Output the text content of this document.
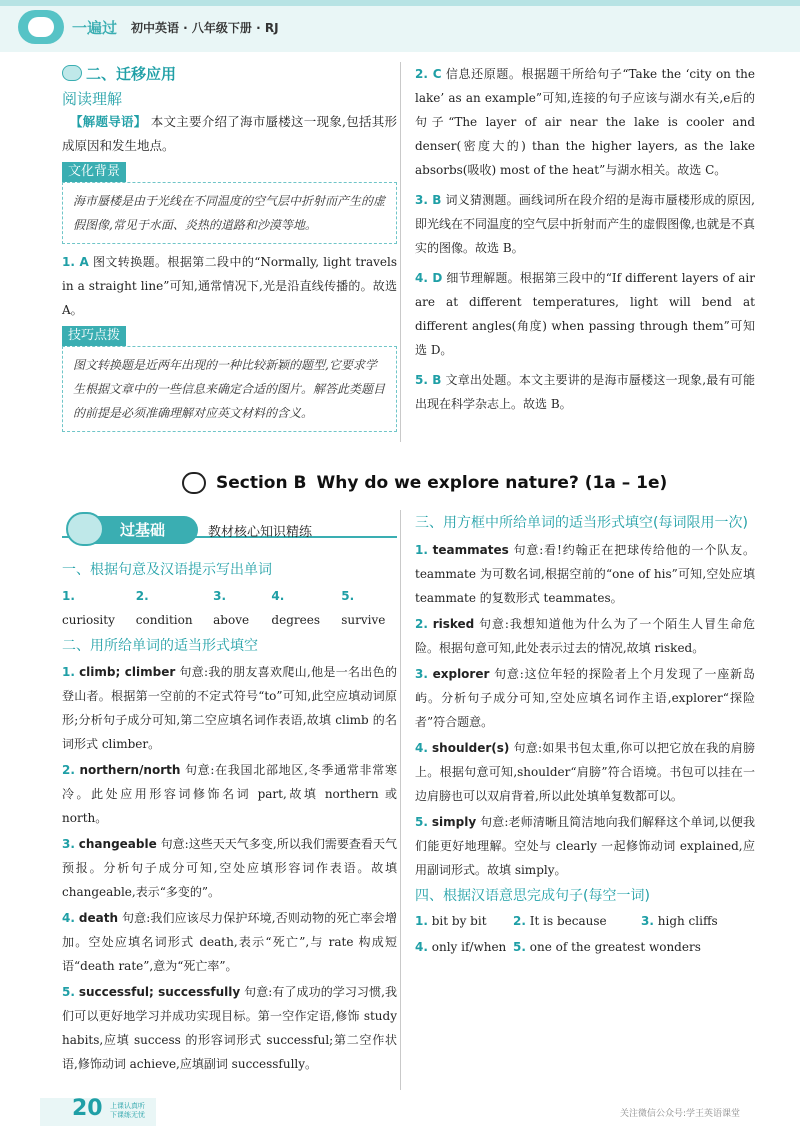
一遍过 初中英语 · 八年级下册 · RJ
二、迁移应用
阅读理解
【解题导语】 本文主要介绍了海市蜃楼这一现象,包括其形成原因和发生地点。
文化背景
海市蜃楼是由于光线在不同温度的空气层中折射而产生的虚假图像,常见于水面、炎热的道路和沙漠等地。
1. A 图文转换题。根据第二段中的“Normally, light travels in a straight line”可知,通常情况下,光是沿直线传播的。故选 A。
技巧点拨
图文转换题是近两年出现的一种比较新颖的题型,它要求学生根据文章中的一些信息来确定合适的图片。解答此类题目的前提是必须准确理解对应英文材料的含义。
2. C 信息还原题。根据题干所给句子“Take the ‘city on the lake’ as an example”可知,连接的句子应该与湖水有关,e后的句子“The layer of air near the lake is cooler and denser(密度大的) than the higher layers, as the lake absorbs(吸收) most of the heat”与湖水相关。故选 C。
3. B 词义猜测题。画线词所在段介绍的是海市蜃楼形成的原因,即光线在不同温度的空气层中折射而产生的虚假图像,也就是不真实的图像。故选 B。
4. D 细节理解题。根据第三段中的“If different layers of air are at different temperatures, light will bend at different angles(角度) when passing through them”可知选 D。
5. B 文章出处题。本文主要讲的是海市蜃楼这一现象,最有可能出现在科学杂志上。故选 B。
Section B Why do we explore nature? (1a – 1e)
过基础	教材核心知识精练
一、根据句意及汉语提示写出单词
1. curiosity
2. condition
3. above
4. degrees
5. survive
二、用所给单词的适当形式填空
1. climb; climber 句意:我的朋友喜欢爬山,他是一名出色的登山者。根据第一空前的不定式符号“to”可知,此空应填动词原形;分析句子成分可知,第二空应填名词作表语,故填 climb 的名词形式 climber。
2. northern/north 句意:在我国北部地区,冬季通常非常寒冷。此处应用形容词修饰名词 part,故填 northern 或 north。
3. changeable 句意:这些天天气多变,所以我们需要查看天气预报。分析句子成分可知,空处应填形容词作表语。故填 changeable,表示“多变的”。
4. death 句意:我们应该尽力保护环境,否则动物的死亡率会增加。空处应填名词形式 death,表示“死亡”,与 rate 构成短语“death rate”,意为“死亡率”。
5. successful; successfully 句意:有了成功的学习习惯,我们可以更好地学习并成功实现目标。第一空作定语,修饰 study habits,应填 success 的形容词形式 successful;第二空作状语,修饰动词 achieve,应填副词 successfully。
三、用方框中所给单词的适当形式填空(每词限用一次)
1. teammates 句意:看!约翰正在把球传给他的一个队友。teammate 为可数名词,根据空前的“one of his”可知,空处应填 teammate 的复数形式 teammates。
2. risked 句意:我想知道他为什么为了一个陌生人冒生命危险。根据句意可知,此处表示过去的情况,故填 risked。
3. explorer 句意:这位年轻的探险者上个月发现了一座新岛屿。分析句子成分可知,空处应填名词作主语,explorer“探险者”符合题意。
4. shoulder(s) 句意:如果书包太重,你可以把它放在我的肩膀上。根据句意可知,shoulder“肩膀”符合语境。书包可以挂在一边肩膀也可以双肩背着,所以此处填单复数都可以。
5. simply 句意:老师清晰且简洁地向我们解释这个单词,以便我们能更好地理解。空处与 clearly 一起修饰动词 explained,应用副词形式。故填 simply。
四、根据汉语意思完成句子(每空一词)
1. bit by bit	2. It is because	3. high cliffs
4. only if/when 5. one of the greatest wonders
20 上课认真听
下课练无忧	关注微信公众号:学王英语课堂
